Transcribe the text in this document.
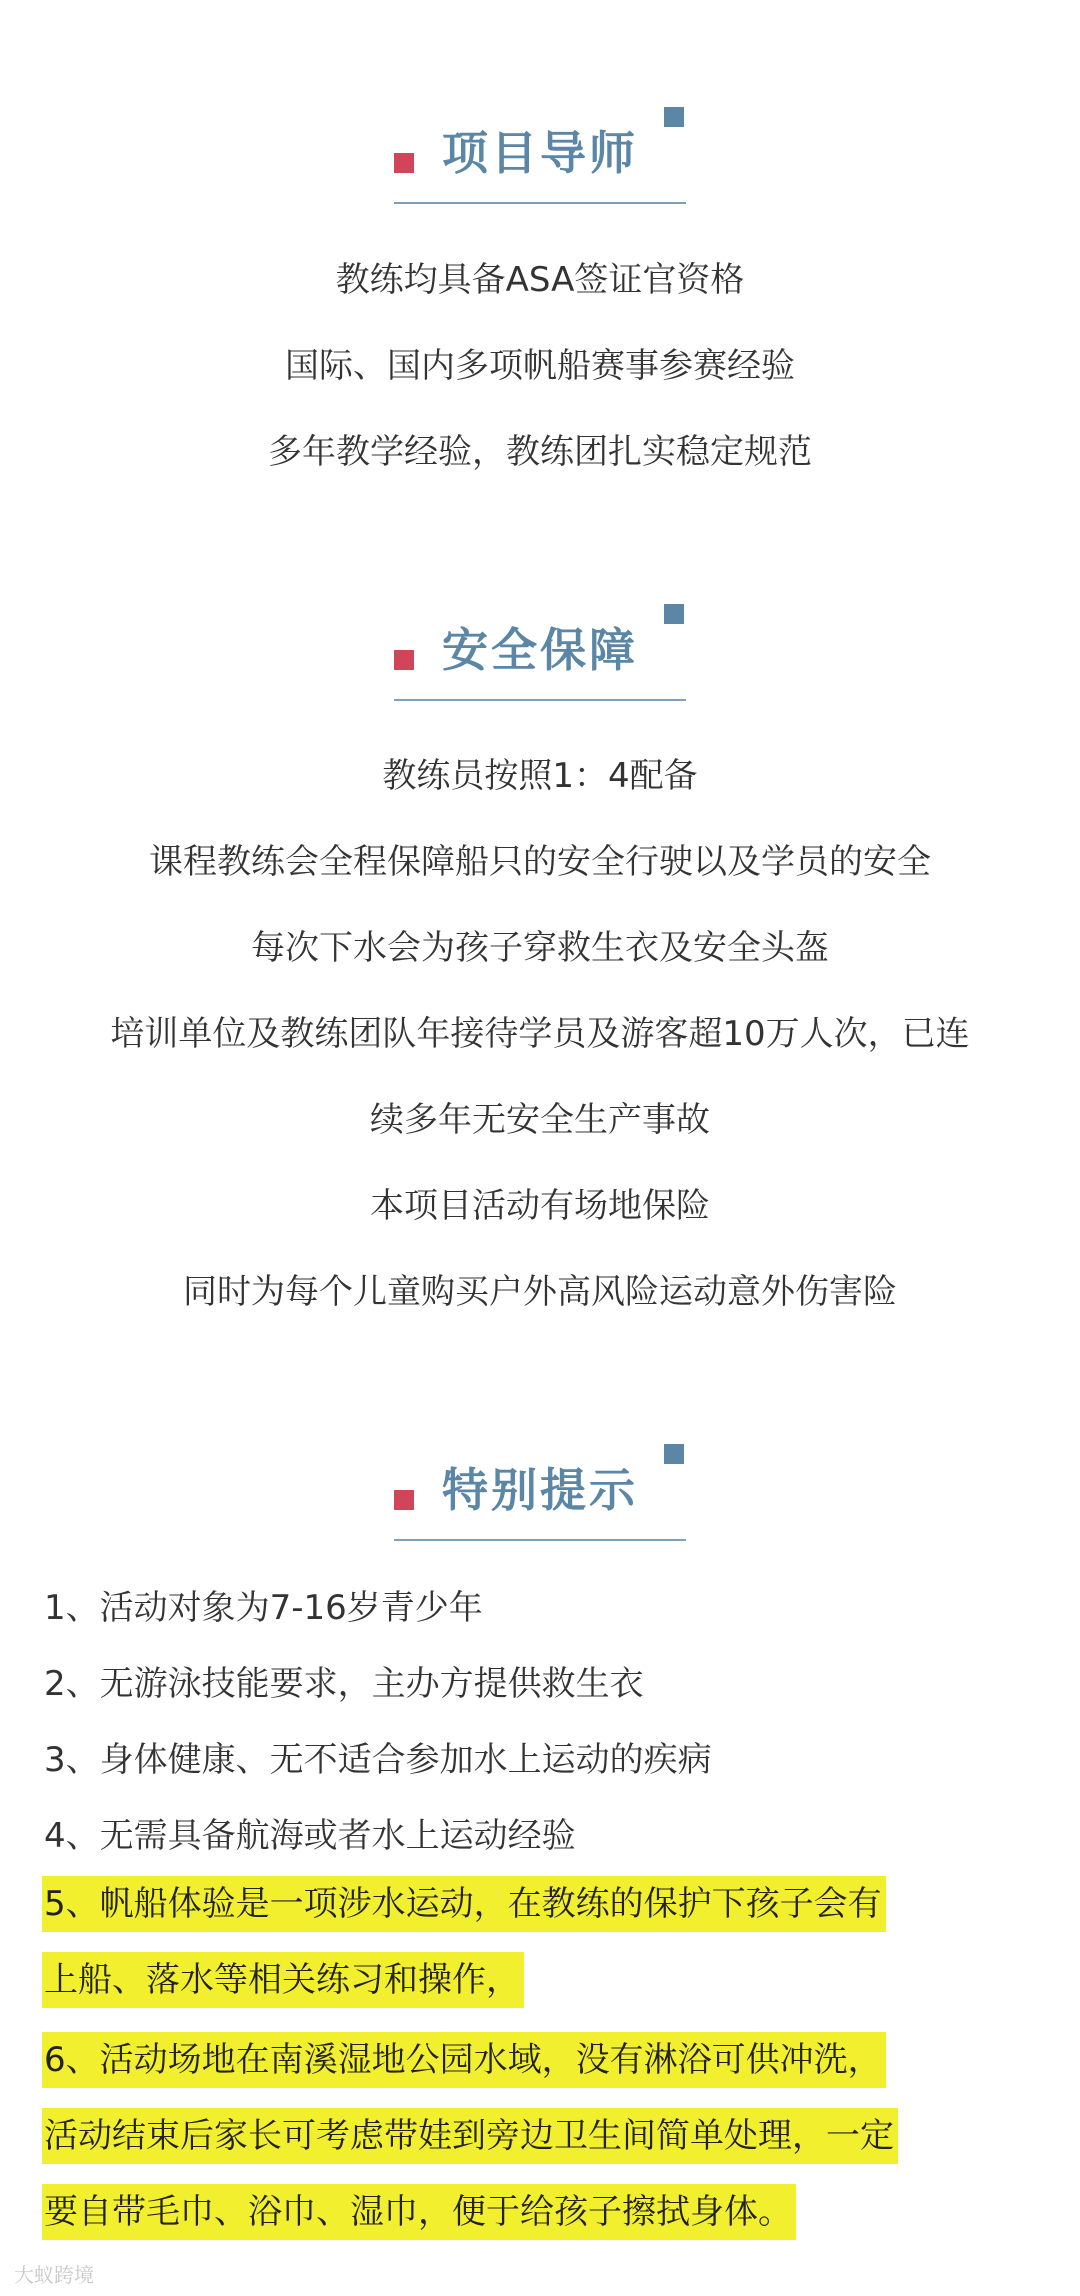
项目导师
教练均具备ASA签证官资格
国际、国内多项帆船赛事参赛经验
多年教学经验，教练团扎实稳定规范
安全保障
教练员按照1：4配备
课程教练会全程保障船只的安全行驶以及学员的安全
每次下水会为孩子穿救生衣及安全头盔
培训单位及教练团队年接待学员及游客超10万人次，已连
续多年无安全生产事故
本项目活动有场地保险
同时为每个儿童购买户外高风险运动意外伤害险
特别提示
1、活动对象为7-16岁青少年
2、无游泳技能要求，主办方提供救生衣
3、身体健康、无不适合参加水上运动的疾病
4、无需具备航海或者水上运动经验
5、帆船体验是一项涉水运动，在教练的保护下孩子会有
上船、落水等相关练习和操作，
6、活动场地在南溪湿地公园水域，没有淋浴可供冲洗，
活动结束后家长可考虑带娃到旁边卫生间简单处理，一定
要自带毛巾、浴巾、湿巾，便于给孩子擦拭身体。
大蚁跨境
